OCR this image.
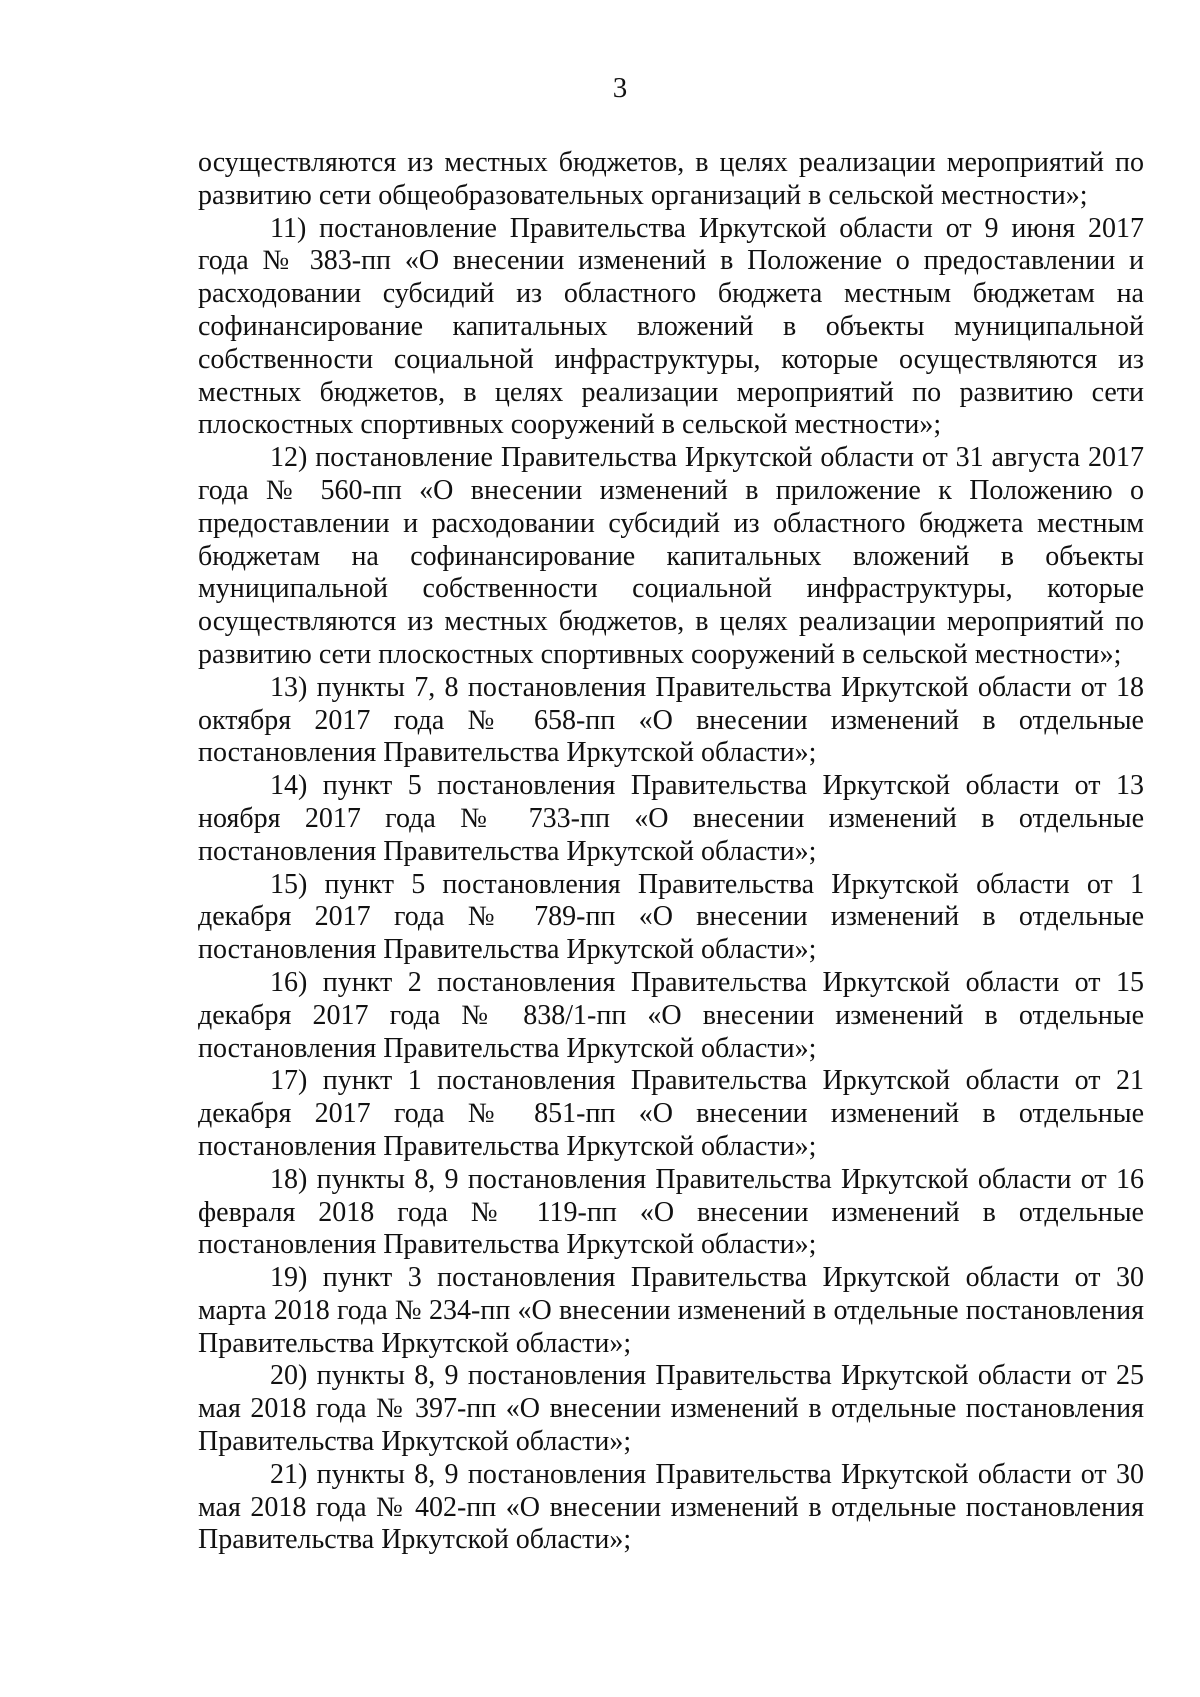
3

осуществляются из местных бюджетов, в целях реализации мероприятий по развитию сети общеобразовательных организаций в сельской местности»;

11) постановление Правительства Иркутской области от 9 июня 2017 года № 383-пп «О внесении изменений в Положение о предоставлении и расходовании субсидий из областного бюджета местным бюджетам на софинансирование капитальных вложений в объекты муниципальной собственности социальной инфраструктуры, которые осуществляются из местных бюджетов, в целях реализации мероприятий по развитию сети плоскостных спортивных сооружений в сельской местности»;

12) постановление Правительства Иркутской области от 31 августа 2017 года № 560-пп «О внесении изменений в приложение к Положению о предоставлении и расходовании субсидий из областного бюджета местным бюджетам на софинансирование капитальных вложений в объекты муниципальной собственности социальной инфраструктуры, которые осуществляются из местных бюджетов, в целях реализации мероприятий по развитию сети плоскостных спортивных сооружений в сельской местности»;

13) пункты 7, 8 постановления Правительства Иркутской области от 18 октября 2017 года № 658-пп «О внесении изменений в отдельные постановления Правительства Иркутской области»;

14) пункт 5 постановления Правительства Иркутской области от 13 ноября 2017 года № 733-пп «О внесении изменений в отдельные постановления Правительства Иркутской области»;

15) пункт 5 постановления Правительства Иркутской области от 1 декабря 2017 года № 789-пп «О внесении изменений в отдельные постановления Правительства Иркутской области»;

16) пункт 2 постановления Правительства Иркутской области от 15 декабря 2017 года № 838/1-пп «О внесении изменений в отдельные постановления Правительства Иркутской области»;

17) пункт 1 постановления Правительства Иркутской области от 21 декабря 2017 года № 851-пп «О внесении изменений в отдельные постановления Правительства Иркутской области»;

18) пункты 8, 9 постановления Правительства Иркутской области от 16 февраля 2018 года № 119-пп «О внесении изменений в отдельные постановления Правительства Иркутской области»;

19) пункт 3 постановления Правительства Иркутской области от 30 марта 2018 года № 234-пп «О внесении изменений в отдельные постановления Правительства Иркутской области»;

20) пункты 8, 9 постановления Правительства Иркутской области от 25 мая 2018 года № 397-пп «О внесении изменений в отдельные постановления Правительства Иркутской области»;

21) пункты 8, 9 постановления Правительства Иркутской области от 30 мая 2018 года № 402-пп «О внесении изменений в отдельные постановления Правительства Иркутской области»;
